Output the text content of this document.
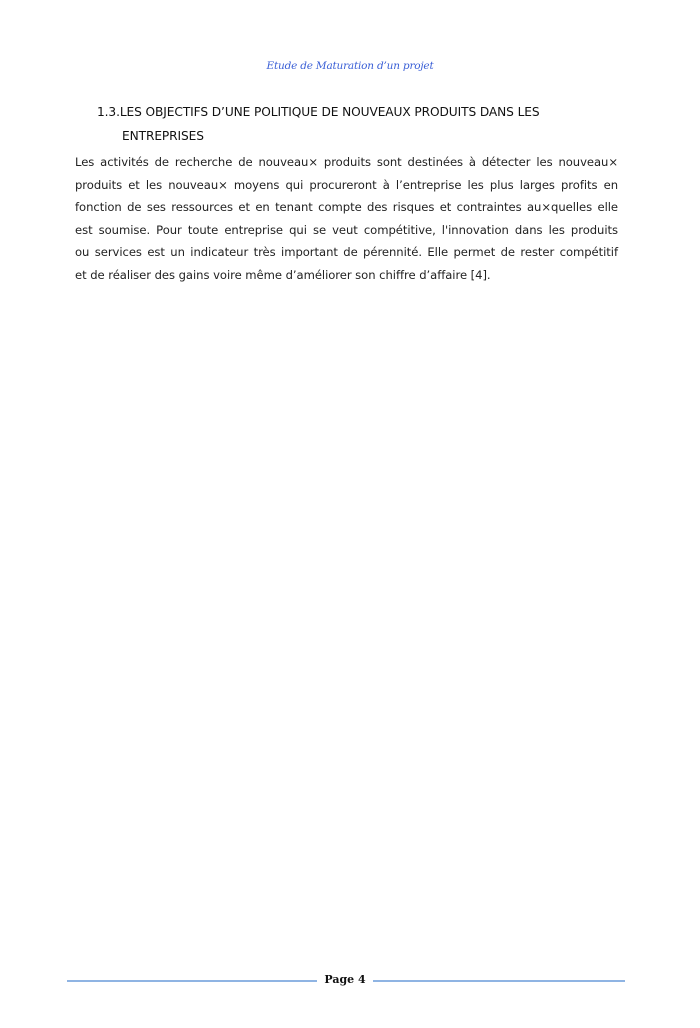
Etude de Maturation d’un projet
1.3.LES OBJECTIFS D’UNE POLITIQUE DE NOUVEAUX PRODUITS DANS LES
ENTREPRISES
Les activités de recherche de nouveau× produits sont destinées à détecter les nouveau×
produits et les nouveau× moyens qui procureront à l’entreprise les plus larges profits en
fonction de ses ressources et en tenant compte des risques et contraintes au×quelles elle
est soumise. Pour toute entreprise qui se veut compétitive, l'innovation dans les produits
ou services est un indicateur très important de pérennité. Elle permet de rester compétitif
et de réaliser des gains voire même d’améliorer son chiffre d’affaire [4].
Page 4
